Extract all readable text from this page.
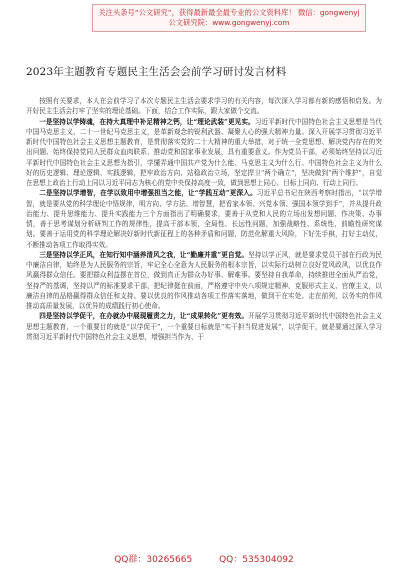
关注头条号“公文研究”，获得最新最全最专业的公文资料库！ 微信：gongwenyj
公文研究院：www.gongwenyj.com
2023年主题教育专题民主生活会会前学习研讨发言材料

按照有关要求，本人在会前学习了本次专题民主生活会要求学习的有关内容，每次深入学习都有新的感悟和启发。为开好民主生活会打牢了坚实的理论基础。下面，结合工作实际，跟大家做个交流。

一是坚持以学铸魂，在持大真理中补足精神之钙，让“理论武装”更见实。习近平新时代中国特色社会主义思想是当代中国马克思主义、二十一世纪马克思主义，是革新观念的锐利武器、凝聚人心的强大精神力量。深入开展学习贯彻习近平新时代中国特色社会主义思想主题教育，是贯彻落实党的二十大精神的重大举措，对于统一全党思想、解决党内存在的突出问题、始终保持党同人民群众血肉联系、推动党和国家事业发展，具有重要意义。作为党员干部，必须始终坚持以习近平新时代中国特色社会主义思想为指引，学懂弄通中国共产党为什么能、马克思主义为什么行、中国特色社会主义为什么好的历史逻辑、理论逻辑、实践逻辑，把牢政治方向、站稳政治立场，坚定捍卫“两个确立”，坚决做到“两个维护”，自觉在思想上政治上行动上同以习近平同志为核心的党中央保持高度一致，做到思想上同心、目标上同向、行动上同行。

二是坚持以学增智，在学以致用中增强担当之能，让“学践互动”更深入。习近平总书记在陕西考察时指出，“以学增智，就是要从党的科学理论中悟规律，明方向、学方法、增智慧，把看家本领、兴党本领、强国本领学到手”，并从提升政治能力、提升思维能力、提升实践能力三个方面指出了明确要求，要善于从党和人民的立场出发想问题、作决策、办事情，善于思考谋划分析研判工作的规律性，提高干部本领，全局性、长远性问题，加强战略性、系统性，前瞻性研究谋划。要善于运用党的科学理论解决好新时代新征程上的各种矛盾和问题，防范化解重大风险，下好先手棋，打好主动仗，不断推动各项工作取得实效。

三是坚持以学正风，在知行知中涵养清风之我，让“勤廉并重”更自觉。坚持以学正风，就是要求党员干部在行政为民中廉洁自律，始终是为人民服务的宗旨，牢记全心全意为人民服务的根本宗旨，以实际行动树立良好党风政风，以优良作风赢得群众信任。要把群众利益摆在首位，做到真正为群众办好事、解难事。要坚持自我革命，持续推进全面从严治党，坚持严的基调，坚持以严的标准要求干部，把纪律挺在前面，严格遵守中央八项规定精神，克服形式主义、官僚主义，以廉洁自律的品格赢得群众信任和支持。要以优良的作风推动各项工作落实落地，做到干在实处、走在前列，以务实的作风推动高质量发展，以优异的成绩践行初心使命。

四是坚持以学促干，在办就办中展现履责之力，让“成果转化”更有效。开展学习贯彻习近平新时代中国特色社会主义思想主题教育，一个重要目的就是“以学促干”，一个重要目标就是“实干担当促进发展”，以学促干，就是要通过深入学习贯彻习近平新时代中国特色社会主义思想，增强担当作为、干

QQ群：30265665	QQ：535304092
